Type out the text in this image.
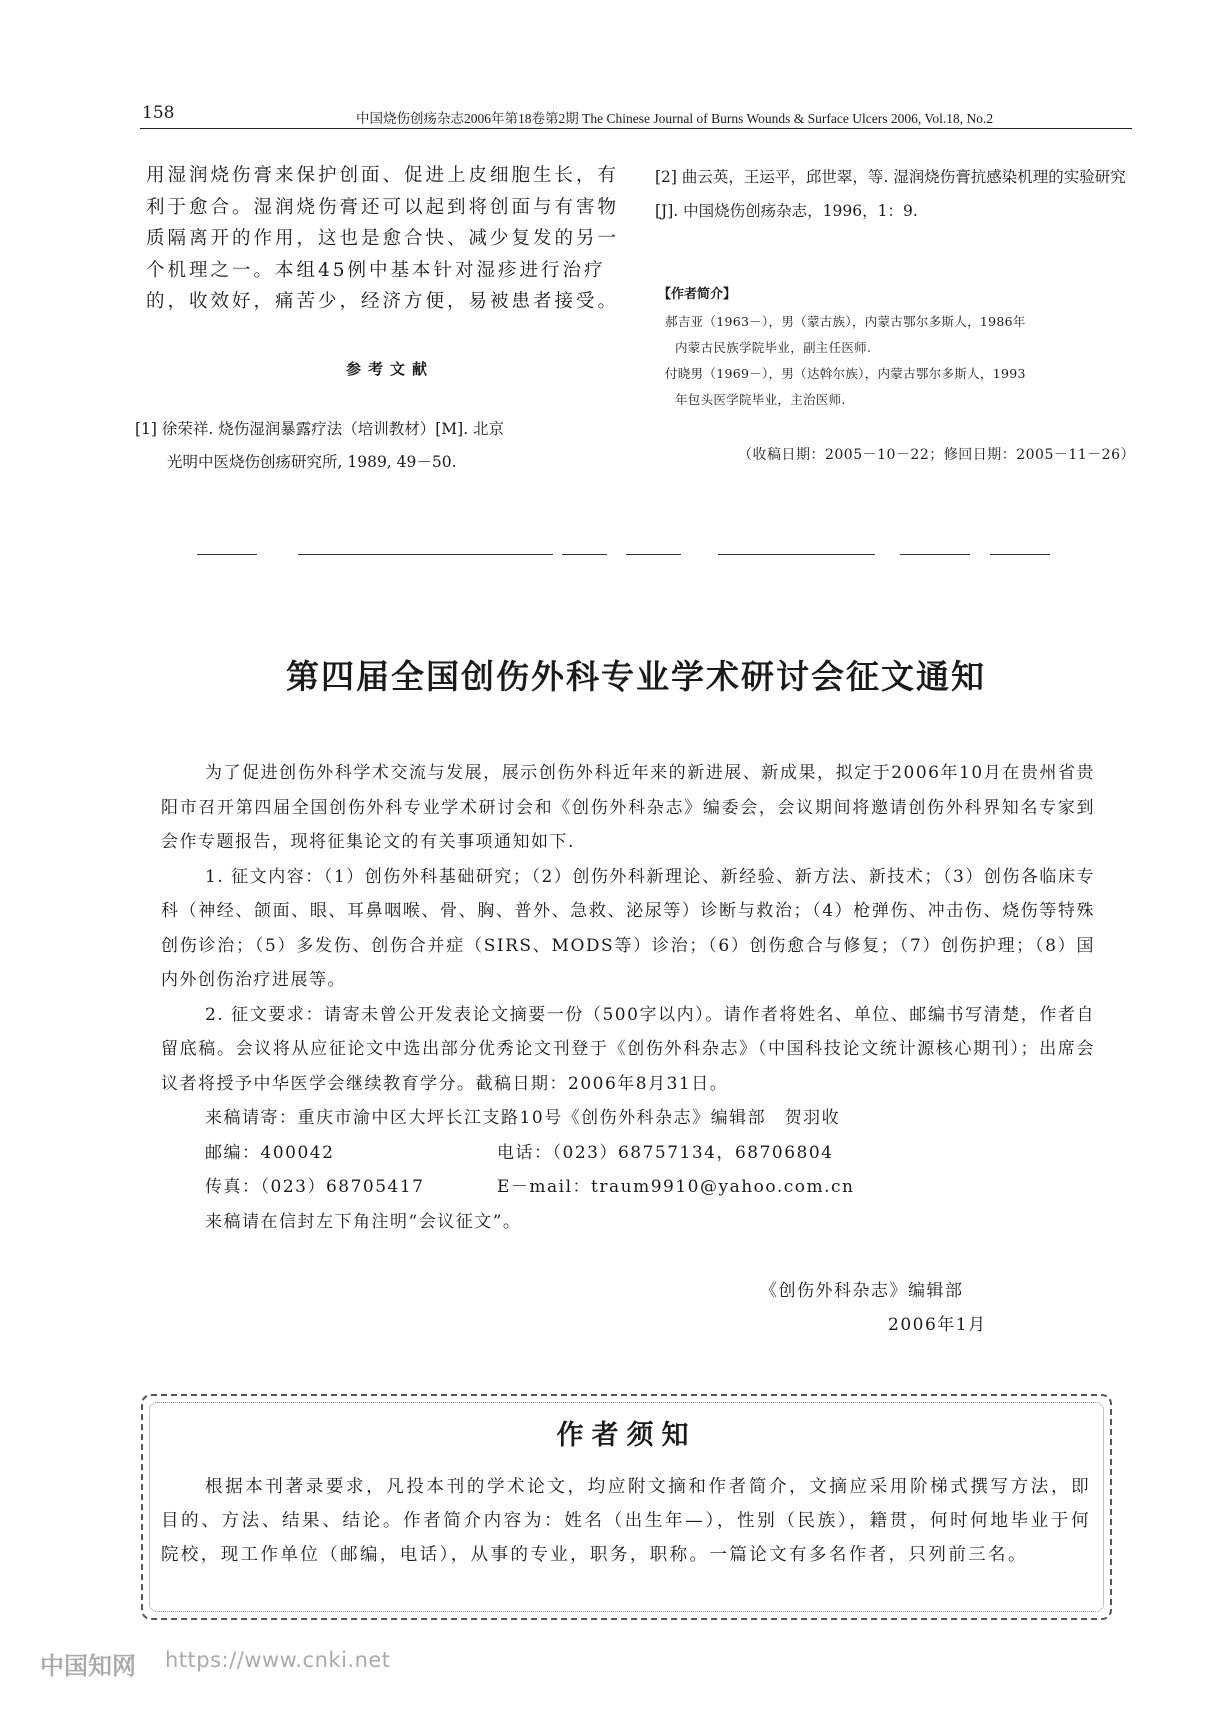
158	中国烧伤创疡杂志2006年第18卷第2期 The Chinese Journal of Burns Wounds & Surface Ulcers 2006, Vol.18, No.2

用湿润烧伤膏来保护创面、促进上皮细胞生长，有

利于愈合。湿润烧伤膏还可以起到将创面与有害物

质隔离开的作用，这也是愈合快、减少复发的另一

个机理之一。本组45例中基本针对湿疹进行治疗

的，收效好，痛苦少，经济方便，易被患者接受。

参考文献
[1] 徐荣祥. 烧伤湿润暴露疗法（培训教材）[M]. 北京
光明中医烧伤创疡研究所, 1989, 49－50.
[2] 曲云英，王运平，邱世翠，等. 湿润烧伤膏抗感染机理的实验研究[J]. 中国烧伤创疡杂志，1996，1：9.
【作者简介】

郝吉亚（1963－），男（蒙古族），内蒙古鄂尔多斯人，1986年

内蒙古民族学院毕业，副主任医师.

付晓男（1969－），男（达斡尔族），内蒙古鄂尔多斯人，1993

年包头医学院毕业，主治医师.

（收稿日期：2005－10－22；修回日期：2005－11－26）
第四届全国创伤外科专业学术研讨会征文通知

为了促进创伤外科学术交流与发展，展示创伤外科近年来的新进展、新成果，拟定于2006年10月在贵州省贵阳市召开第四届全国创伤外科专业学术研讨会和《创伤外科杂志》编委会，会议期间将邀请创伤外科界知名专家到会作专题报告，现将征集论文的有关事项通知如下.

1. 征文内容：（1）创伤外科基础研究；（2）创伤外科新理论、新经验、新方法、新技术；（3）创伤各临床专科（神经、颌面、眼、耳鼻咽喉、骨、胸、普外、急救、泌尿等）诊断与救治；（4）枪弹伤、冲击伤、烧伤等特殊创伤诊治；（5）多发伤、创伤合并症（SIRS、MODS等）诊治；（6）创伤愈合与修复；（7）创伤护理；（8）国内外创伤治疗进展等。

2. 征文要求：请寄未曾公开发表论文摘要一份（500字以内）。请作者将姓名、单位、邮编书写清楚，作者自留底稿。会议将从应征论文中选出部分优秀论文刊登于《创伤外科杂志》（中国科技论文统计源核心期刊）；出席会议者将授予中华医学会继续教育学分。截稿日期：2006年8月31日。

来稿请寄：重庆市渝中区大坪长江支路10号《创伤外科杂志》编辑部　贺羽收
邮编：400042	电话：（023）68757134，68706804
传真：（023）68705417	E－mail：traum9910@yahoo.com.cn
来稿请在信封左下角注明“会议征文”。
《创伤外科杂志》编辑部
2006年1月
作者须知

根据本刊著录要求，凡投本刊的学术论文，均应附文摘和作者简介，文摘应采用阶梯式撰写方法，即目的、方法、结果、结论。作者简介内容为：姓名（出生年—），性别（民族），籍贯，何时何地毕业于何院校，现工作单位（邮编，电话），从事的专业，职务，职称。一篇论文有多名作者，只列前三名。

中国知网 https://www.cnki.net
